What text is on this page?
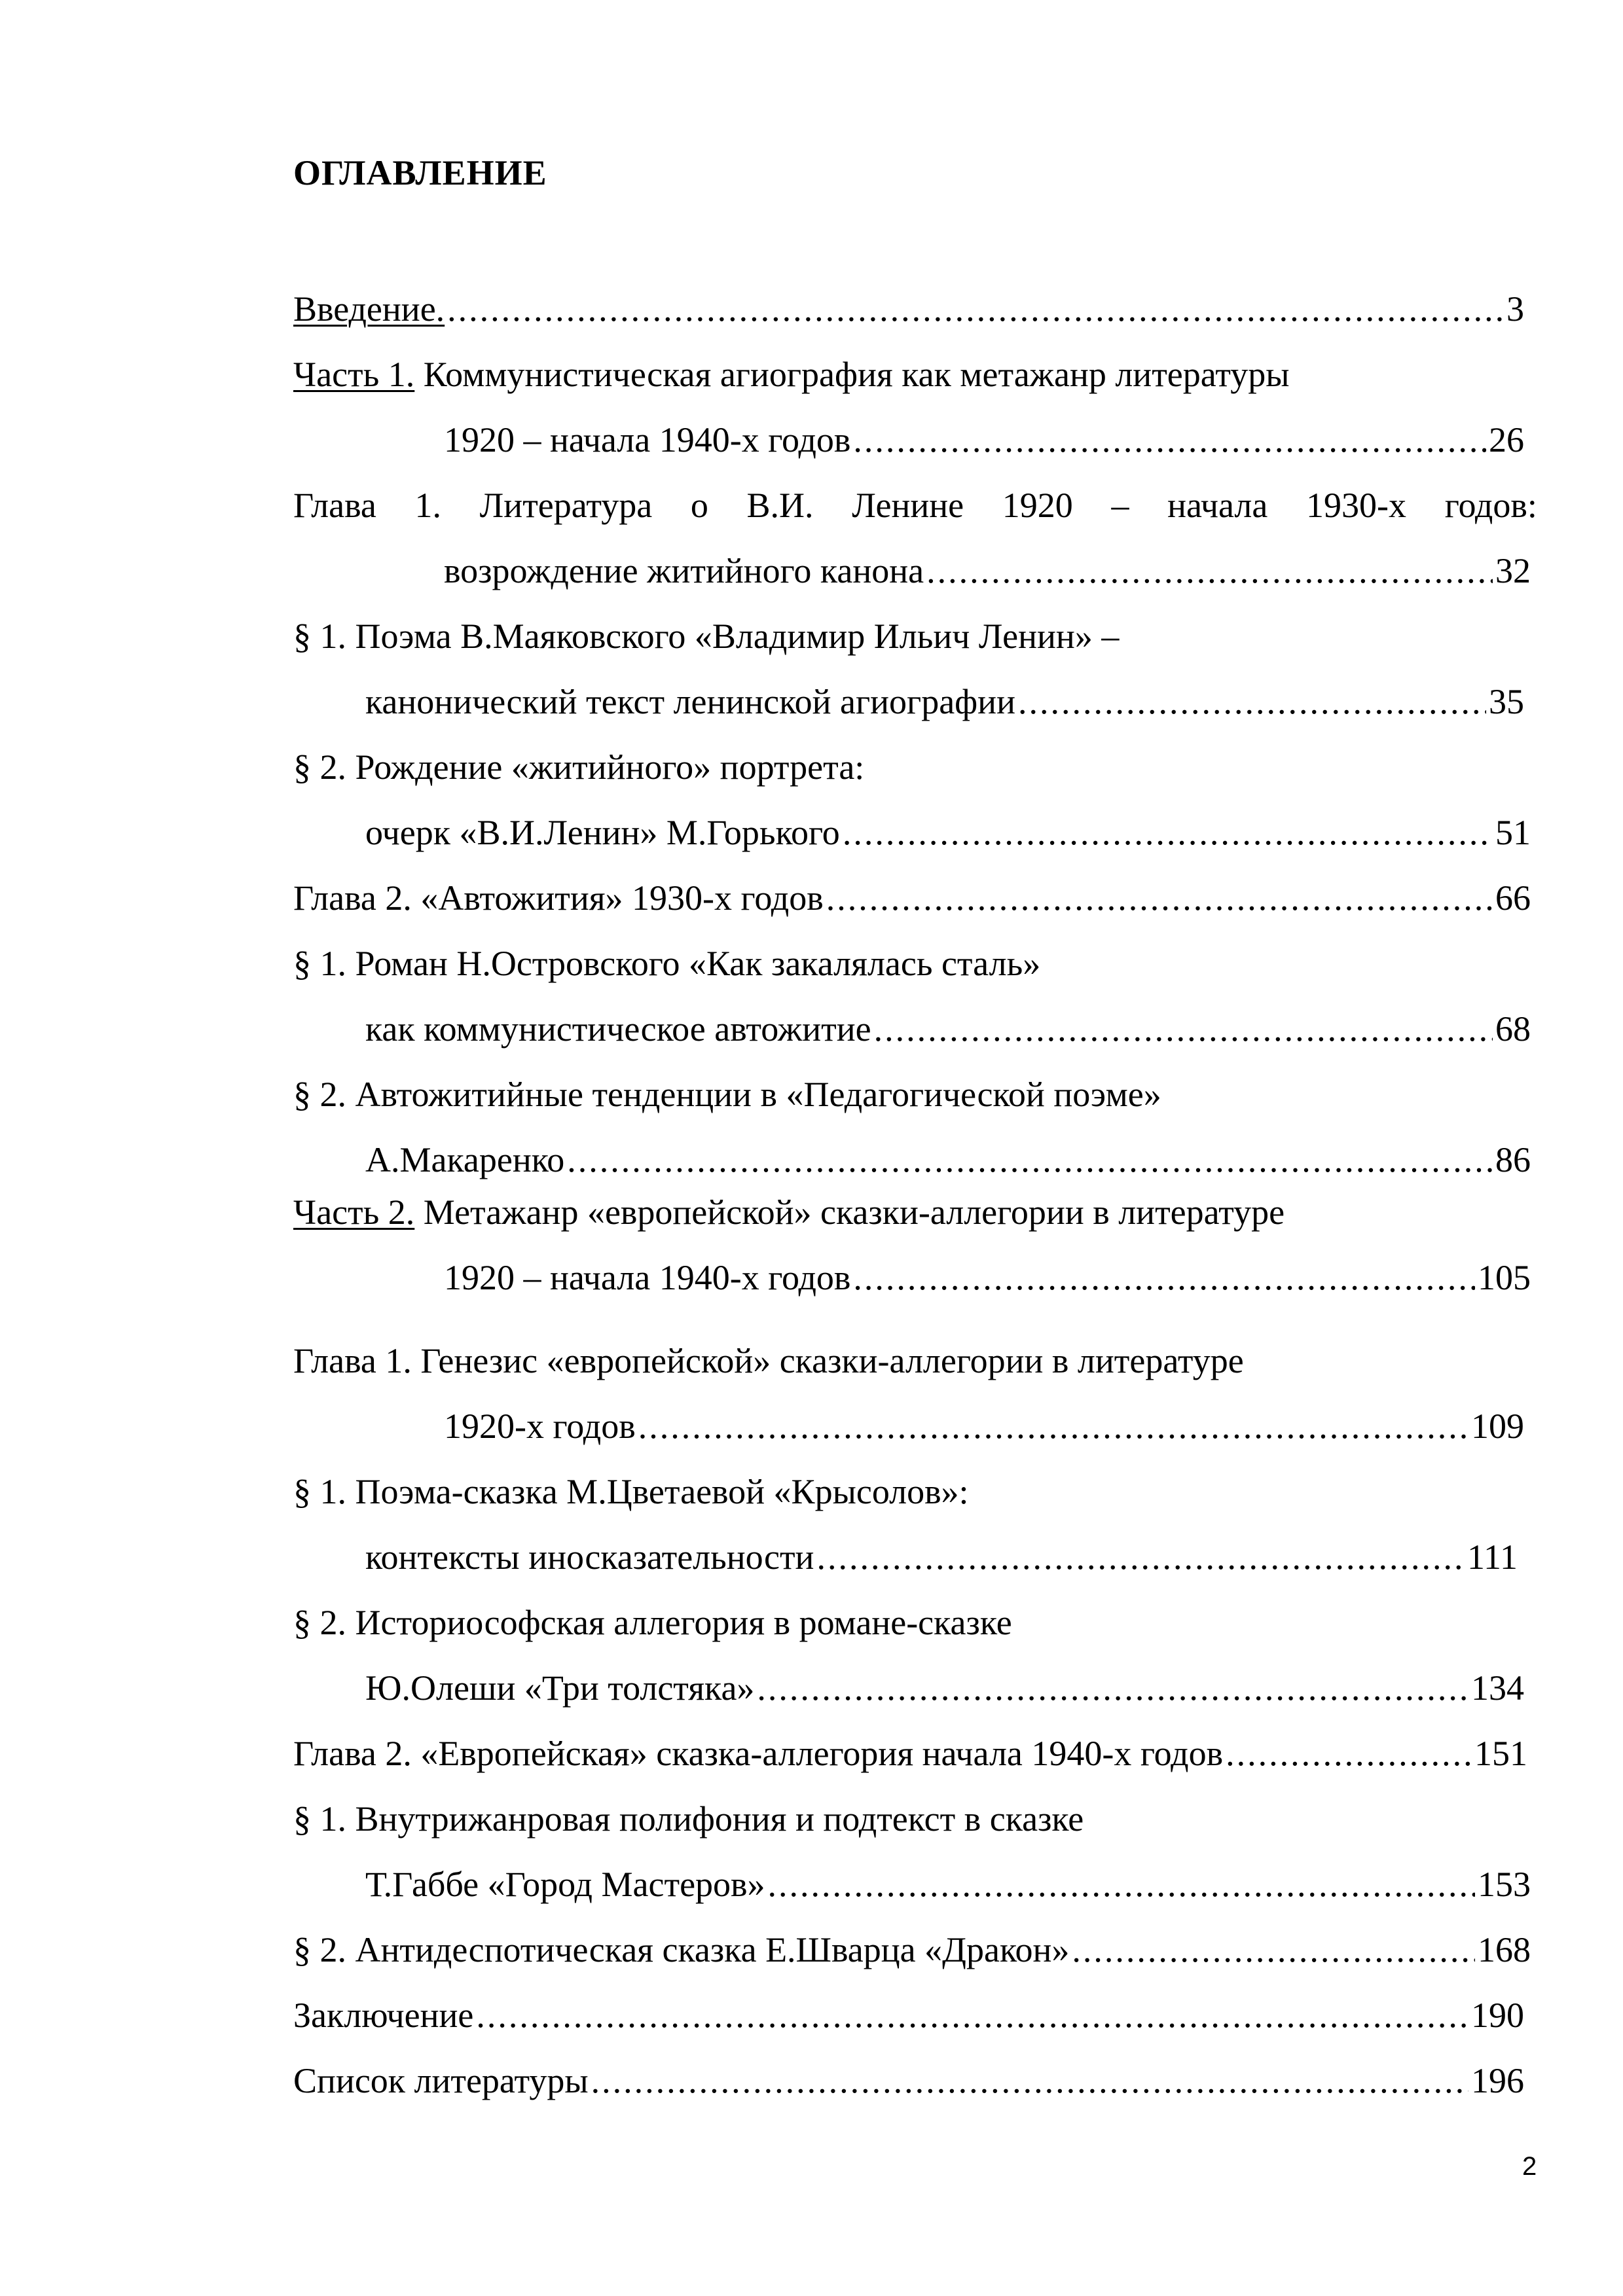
ОГЛАВЛЕНИЕ
Введение. .....	3
Часть 1. Коммунистическая агиография как метажанр литературы
1920 – начала 1940-х годов .....	26
Глава 1. Литература о В.И. Ленине 1920 – начала 1930-х годов:
возрождение житийного канона .....	32
§ 1. Поэма В.Маяковского «Владимир Ильич Ленин» –
канонический текст ленинской агиографии .....	35
§ 2. Рождение «житийного» портрета:
очерк «В.И.Ленин» М.Горького .....	51
Глава 2. «Автожития» 1930-х годов .....	66
§ 1. Роман Н.Островского «Как закалялась сталь»
как коммунистическое автожитие .....	68
§ 2. Автожитийные тенденции в «Педагогической поэме»
А.Макаренко .....	86
Часть 2. Метажанр «европейской» сказки-аллегории в литературе
1920 – начала 1940-х годов .....	105
Глава 1. Генезис «европейской» сказки-аллегории в литературе
1920-х годов .....	109
§ 1. Поэма-сказка М.Цветаевой «Крысолов»:
контексты иносказательности .....	111
§ 2. Историософская аллегория в романе-сказке
Ю.Олеши «Три толстяка» .....	134
Глава 2. «Европейская» сказка-аллегория начала 1940-х годов .....	151
§ 1. Внутрижанровая полифония и подтекст в сказке
Т.Габбе «Город Мастеров» .....	153
§ 2. Антидеспотическая сказка Е.Шварца «Дракон» .....	168
Заключение .....	190
Список литературы .....	196
2
